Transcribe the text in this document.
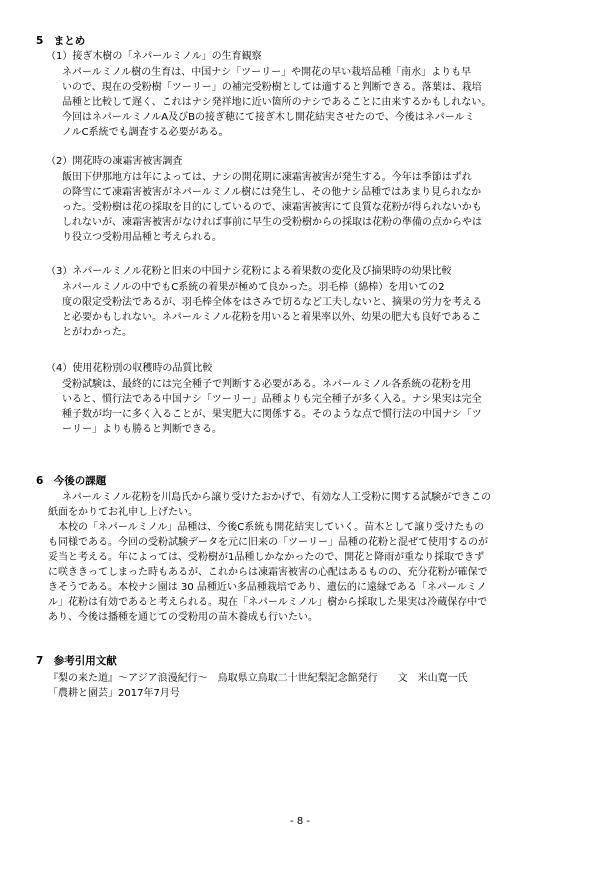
5　まとめ
（1）接ぎ木樹の「ネパールミノル」の生育観察
ネパールミノル樹の生育は、中国ナシ「ツーリー」や開花の早い栽培品種「南水」よりも早
いので、現在の受粉樹「ツーリー」の補完受粉樹としては適すると判断できる。落葉は、栽培
品種と比較して遅く、これはナシ発祥地に近い箇所のナシであることに由来するかもしれない。
今回はネパールミノルA及びBの接ぎ穂にて接ぎ木し開花結実させたので、今後はネパールミ
ノルC系統でも調査する必要がある。
（2）開花時の凍霜害被害調査
飯田下伊那地方は年によっては、ナシの開花期に凍霜害被害が発生する。今年は季節はずれ
の降雪にて凍霜害被害がネパールミノル樹には発生し、その他ナシ品種ではあまり見られなか
った。受粉樹は花の採取を目的にしているので、凍霜害被害にて良質な花粉が得られないかも
しれないが、凍霜害被害がなければ事前に早生の受粉樹からの採取は花粉の準備の点からやは
り役立つ受粉用品種と考えられる。
（3）ネパールミノル花粉と旧来の中国ナシ花粉による着果数の変化及び摘果時の幼果比較
ネパールミノルの中でもC系統の着果が極めて良かった。羽毛棒（綿棒）を用いての2
度の限定受粉法であるが、羽毛棒全体をはさみで切るなど工夫しないと、摘果の労力を考える
と必要かもしれない。ネパールミノル花粉を用いると着果率以外、幼果の肥大も良好であるこ
とがわかった。
（4）使用花粉別の収穫時の品質比較
受粉試験は、最終的には完全種子で判断する必要がある。ネパールミノル各系統の花粉を用
いると、慣行法である中国ナシ「ツーリー」品種よりも完全種子が多く入る。ナシ果実は完全
種子数が均一に多く入ることが、果実肥大に関係する。そのような点で慣行法の中国ナシ「ツ
ーリー」よりも勝ると判断できる。
6　今後の課題
ネパールミノル花粉を川島氏から譲り受けたおかげで、有効な人工受粉に関する試験ができこの
紙面をかりてお礼申し上げたい。
　本校の「ネパールミノル」品種は、今後C系統も開花結実していく。苗木として譲り受けたもの
も同様である。今回の受粉試験データを元に旧来の「ツーリー」品種の花粉と混ぜて使用するのが
妥当と考える。年によっては、受粉樹が1品種しかなかったので、開花と降雨が重なり採取できず
に咲ききってしまった時もあるが、これからは凍霜害被害の心配はあるものの、充分花粉が確保で
きそうである。本校ナシ園は 30 品種近い多品種栽培であり、遺伝的に遠縁である「ネパールミノ
ル」花粉は有効であると考えられる。現在「ネパールミノル」樹から採取した果実は冷蔵保存中で
あり、今後は播種を通じての受粉用の苗木養成も行いたい。
7　参考引用文献
『梨の来た道』～アジア浪漫紀行～　鳥取県立鳥取二十世紀梨記念館発行　　文　米山寛一氏
「農耕と園芸」2017年7月号
- 8 -
